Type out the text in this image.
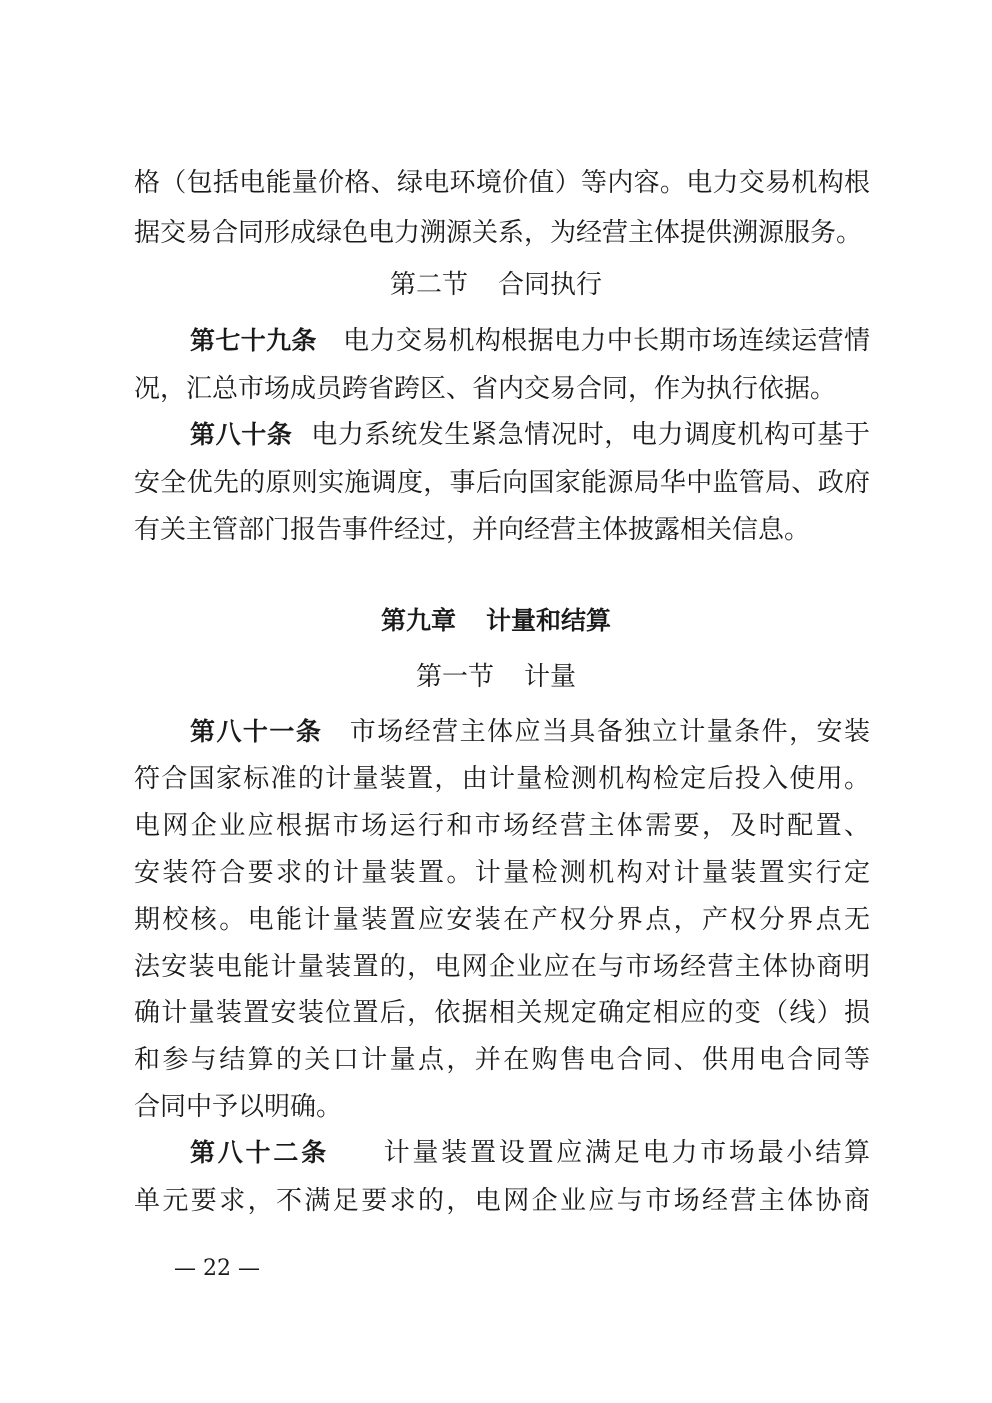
格（包括电能量价格、绿电环境价值）等内容。电力交易机构根
据交易合同形成绿色电力溯源关系，为经营主体提供溯源服务。
第二节 合同执行
第七十九条 电力交易机构根据电力中长期市场连续运营情
况，汇总市场成员跨省跨区、省内交易合同，作为执行依据。
第八十条 电力系统发生紧急情况时，电力调度机构可基于
安全优先的原则实施调度，事后向国家能源局华中监管局、政府
有关主管部门报告事件经过，并向经营主体披露相关信息。
第九章 计量和结算
第一节 计量
第八十一条 市场经营主体应当具备独立计量条件，安装
符合国家标准的计量装置，由计量检测机构检定后投入使用。
电网企业应根据市场运行和市场经营主体需要，及时配置、
安装符合要求的计量装置。计量检测机构对计量装置实行定
期校核。电能计量装置应安装在产权分界点，产权分界点无
法安装电能计量装置的，电网企业应在与市场经营主体协商明
确计量装置安装位置后，依据相关规定确定相应的变（线）损
和参与结算的关口计量点，并在购售电合同、供用电合同等
合同中予以明确。
第八十二条 计量装置设置应满足电力市场最小结算
单元要求，不满足要求的，电网企业应与市场经营主体协商
— 22 —
